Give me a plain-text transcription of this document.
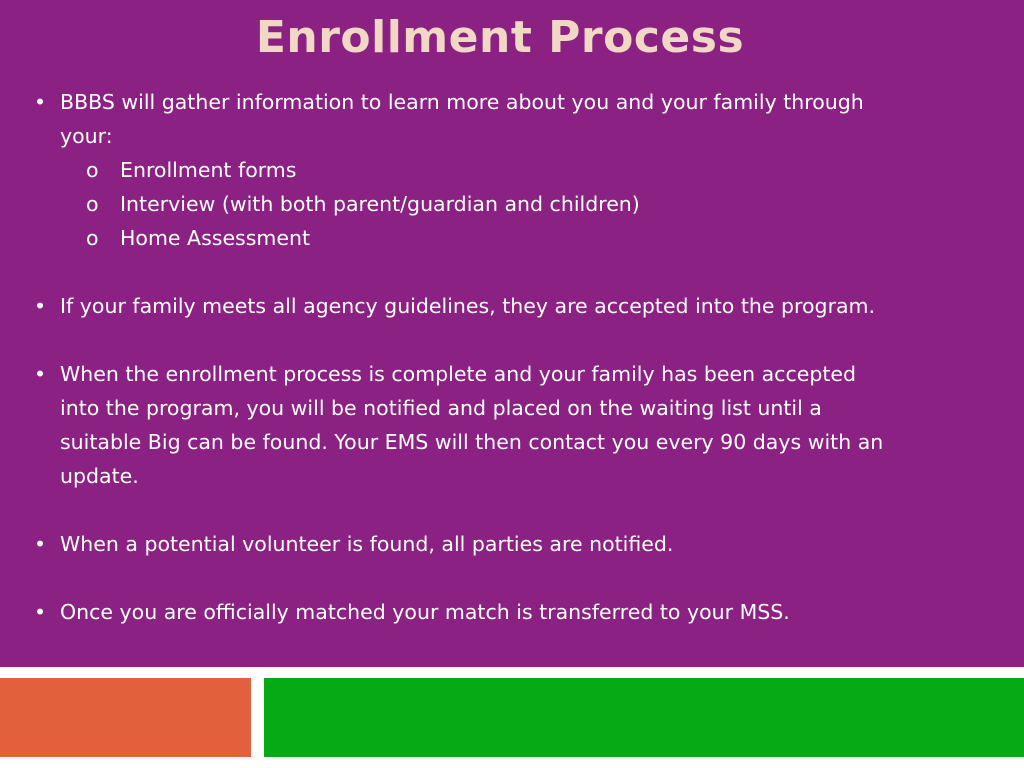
Enrollment Process

• BBBS will gather information to learn more about you and your family through your:

o Enrollment forms

o Interview (with both parent/guardian and children)

o Home Assessment

• If your family meets all agency guidelines, they are accepted into the program.

• When the enrollment process is complete and your family has been accepted into the program, you will be notified and placed on the waiting list until a suitable Big can be found. Your EMS will then contact you every 90 days with an update.

• When a potential volunteer is found, all parties are notified.

• Once you are officially matched your match is transferred to your MSS.
